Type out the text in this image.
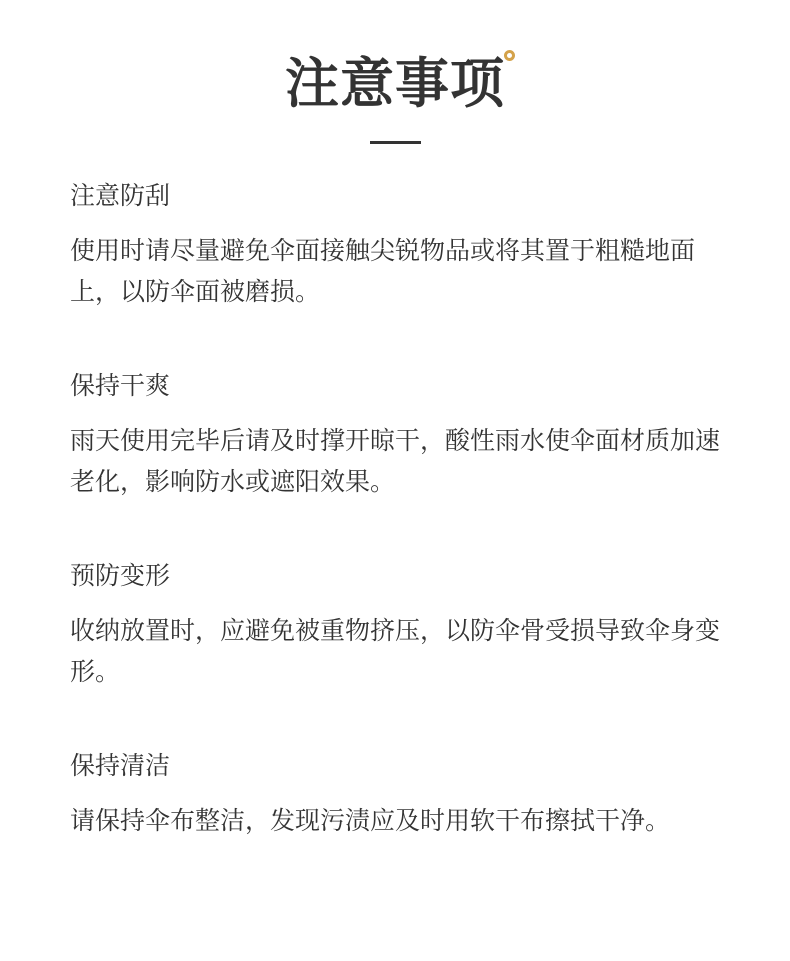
注意事项
注意防刮
使用时请尽量避免伞面接触尖锐物品或将其置于粗糙地面上，以防伞面被磨损。
保持干爽
雨天使用完毕后请及时撑开晾干，酸性雨水使伞面材质加速老化，影响防水或遮阳效果。
预防变形
收纳放置时，应避免被重物挤压，以防伞骨受损导致伞身变形。
保持清洁
请保持伞布整洁，发现污渍应及时用软干布擦拭干净。
